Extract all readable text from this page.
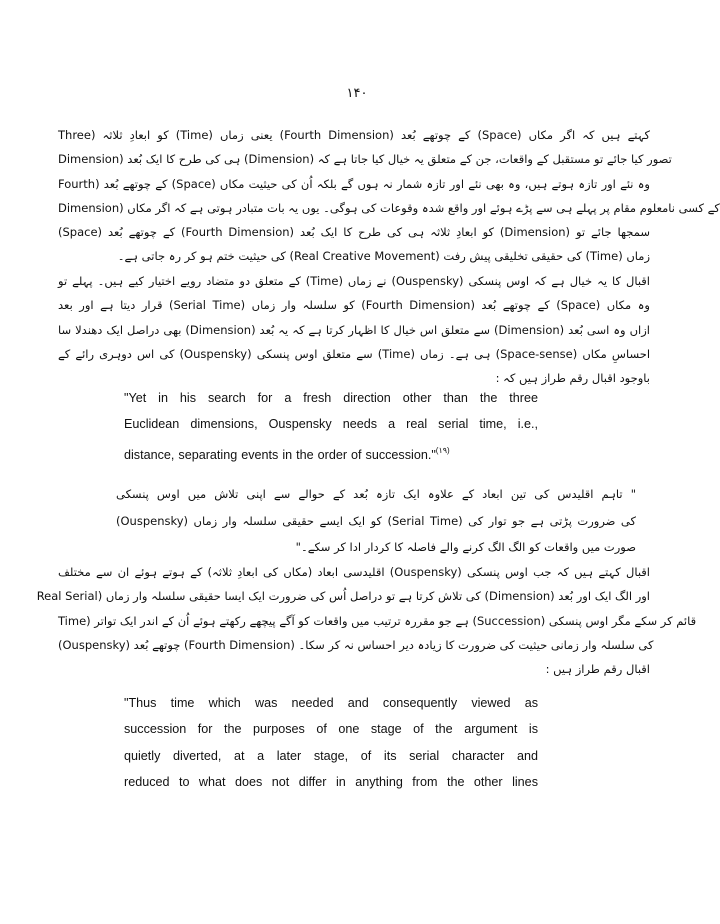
۱۴۰
کہتے ہیں کہ اگر مکاں (Space) کے چوتھے بُعد (Fourth Dimension) یعنی زماں (Time) کو ابعادِ ثلاثہ (Three
Dimension) ہی کی طرح کا ایک بُعد (Dimension) تصور کیا جائے تو مستقبل کے واقعات، جن کے متعلق یہ خیال کیا جاتا ہے کہ
وہ نئے اور تازہ ہوتے ہیں، وہ بھی نئے اور تازہ شمار نہ ہوں گے بلکہ اُن کی حیثیت مکاں (Space) کے چوتھے بُعد (Fourth
Dimension) کے کسی نامعلوم مقام پر پہلے ہی سے پڑے ہوئے اور واقع شدہ وقوعات کی ہوگی۔ یوں یہ بات متبادر ہوتی ہے کہ اگر مکاں
(Space) کے چوتھے بُعد (Fourth Dimension) کو ابعادِ ثلاثہ ہی کی طرح کا ایک بُعد (Dimension) سمجھا جائے تو
زماں (Time) کی حقیقی تخلیقی پیش رفت (Real Creative Movement) کی حیثیت ختم ہو کر رہ جاتی ہے۔
اقبال کا یہ خیال ہے کہ اوس پنسکی (Ouspensky) نے زماں (Time) کے متعلق دو متضاد رویے اختیار کیے ہیں۔ پہلے تو
وہ مکاں (Space) کے چوتھے بُعد (Fourth Dimension) کو سلسلہ وار زماں (Serial Time) قرار دیتا ہے اور بعد
ازاں وہ اسی بُعد (Dimension) سے متعلق اس خیال کا اظہار کرتا ہے کہ یہ بُعد (Dimension) بھی دراصل ایک دھندلا سا
احساسِ مکاں (Space-sense) ہی ہے۔ زماں (Time) سے متعلق اوس پنسکی (Ouspensky) کی اس دوہری رائے کے
باوجود اقبال رقم طراز ہیں کہ :
"Yet in his search for a fresh direction other than the three
Euclidean dimensions, Ouspensky needs a real serial time, i.e.,
distance, separating events in the order of succession."$^{(۱۹)}$
" تاہم اقلیدس کی تین ابعاد کے علاوہ ایک تازہ بُعد کے حوالے سے اپنی تلاش میں اوس پنسکی
(Ouspensky) کو ایک ایسے حقیقی سلسلہ وار زماں (Serial Time) کی ضرورت پڑتی ہے جو توار کی
صورت میں واقعات کو الگ الگ کرنے والے فاصلہ کا کردار ادا کر سکے۔"
اقبال کہتے ہیں کہ جب اوس پنسکی (Ouspensky) اقلیدسی ابعاد (مکاں کی ابعادِ ثلاثہ) کے ہوتے ہوئے ان سے مختلف
اور الگ ایک اور بُعد (Dimension) کی تلاش کرتا ہے تو دراصل اُس کی ضرورت ایک ایسا حقیقی سلسلہ وار زماں (Real Serial
Time) ہے جو مقررہ ترتیب میں واقعات کو آگے پیچھے رکھتے ہوئے اُن کے اندر ایک تواتر (Succession) قائم کر سکے مگر اوس پنسکی
(Ouspensky) چوتھے بُعد (Fourth Dimension) کی سلسلہ وار زمانی حیثیت کی ضرورت کا زیادہ دیر احساس نہ کر سکا۔
اقبال رقم طراز ہیں :
"Thus time which was needed and consequently viewed as
succession for the purposes of one stage of the argument is
quietly diverted, at a later stage, of its serial character and
reduced to what does not differ in anything from the other lines
